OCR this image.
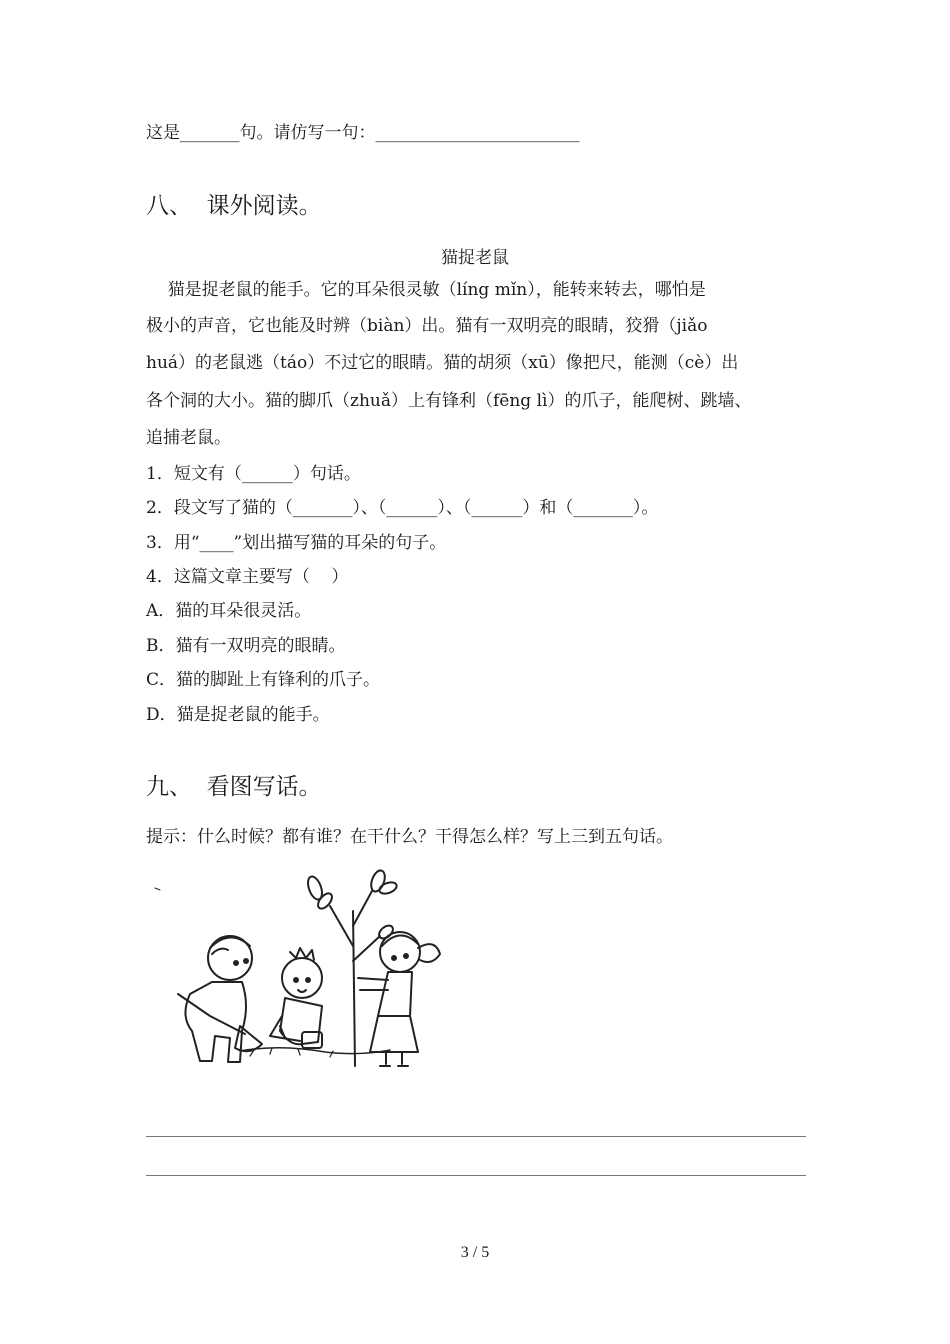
这是_______句。请仿写一句：________________________
八、  课外阅读。
猫捉老鼠
猫是捉老鼠的能手。它的耳朵很灵敏（líng mǐn），能转来转去，哪怕是
极小的声音，它也能及时辨（biàn）出。猫有一双明亮的眼睛，狡猾（jiǎo
huá）的老鼠逃（táo）不过它的眼睛。猫的胡须（xū）像把尺，能测（cè）出
各个洞的大小。猫的脚爪（zhuǎ）上有锋利（fēng lì）的爪子，能爬树、跳墙、
追捕老鼠。
1．短文有（______）句话。
2．段文写了猫的（_______）、（______）、（______）和（_______）。
3．用“____”划出描写猫的耳朵的句子。
4．这篇文章主要写（    ）
A．猫的耳朵很灵活。
B．猫有一双明亮的眼睛。
C．猫的脚趾上有锋利的爪子。
D．猫是捉老鼠的能手。
九、  看图写话。
提示：什么时候？都有谁？在干什么？干得怎么样？写上三到五句话。
3 / 5
